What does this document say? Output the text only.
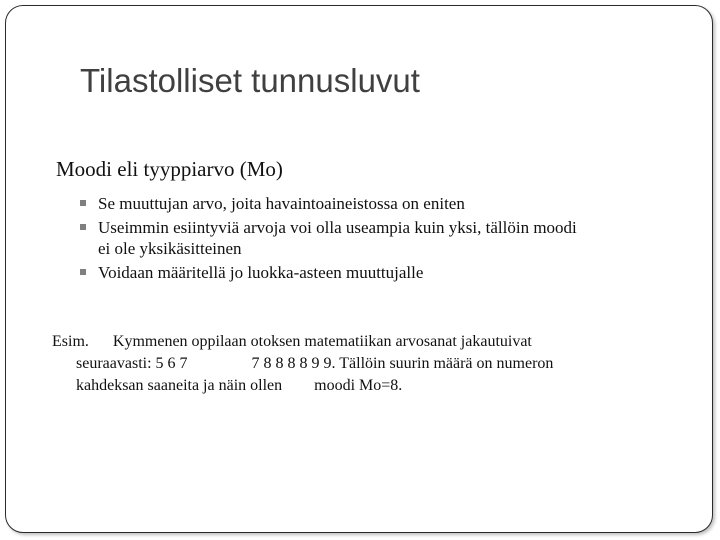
Tilastolliset tunnusluvut
Moodi eli tyyppiarvo (Mo)
Se muuttujan arvo, joita havaintoaineistossa on eniten
Useimmin esiintyviä arvoja voi olla useampia kuin yksi, tällöin moodi
ei ole yksikäsitteinen
Voidaan määritellä jo luokka-asteen muuttujalle
Esim. Kymmenen oppilaan otoksen matematiikan arvosanat jakautuivat
seuraavasti: 5 6 7	7 8 8 8 8 9 9. Tällöin suurin määrä on numeron
kahdeksan saaneita ja näin ollen moodi Mo=8.
